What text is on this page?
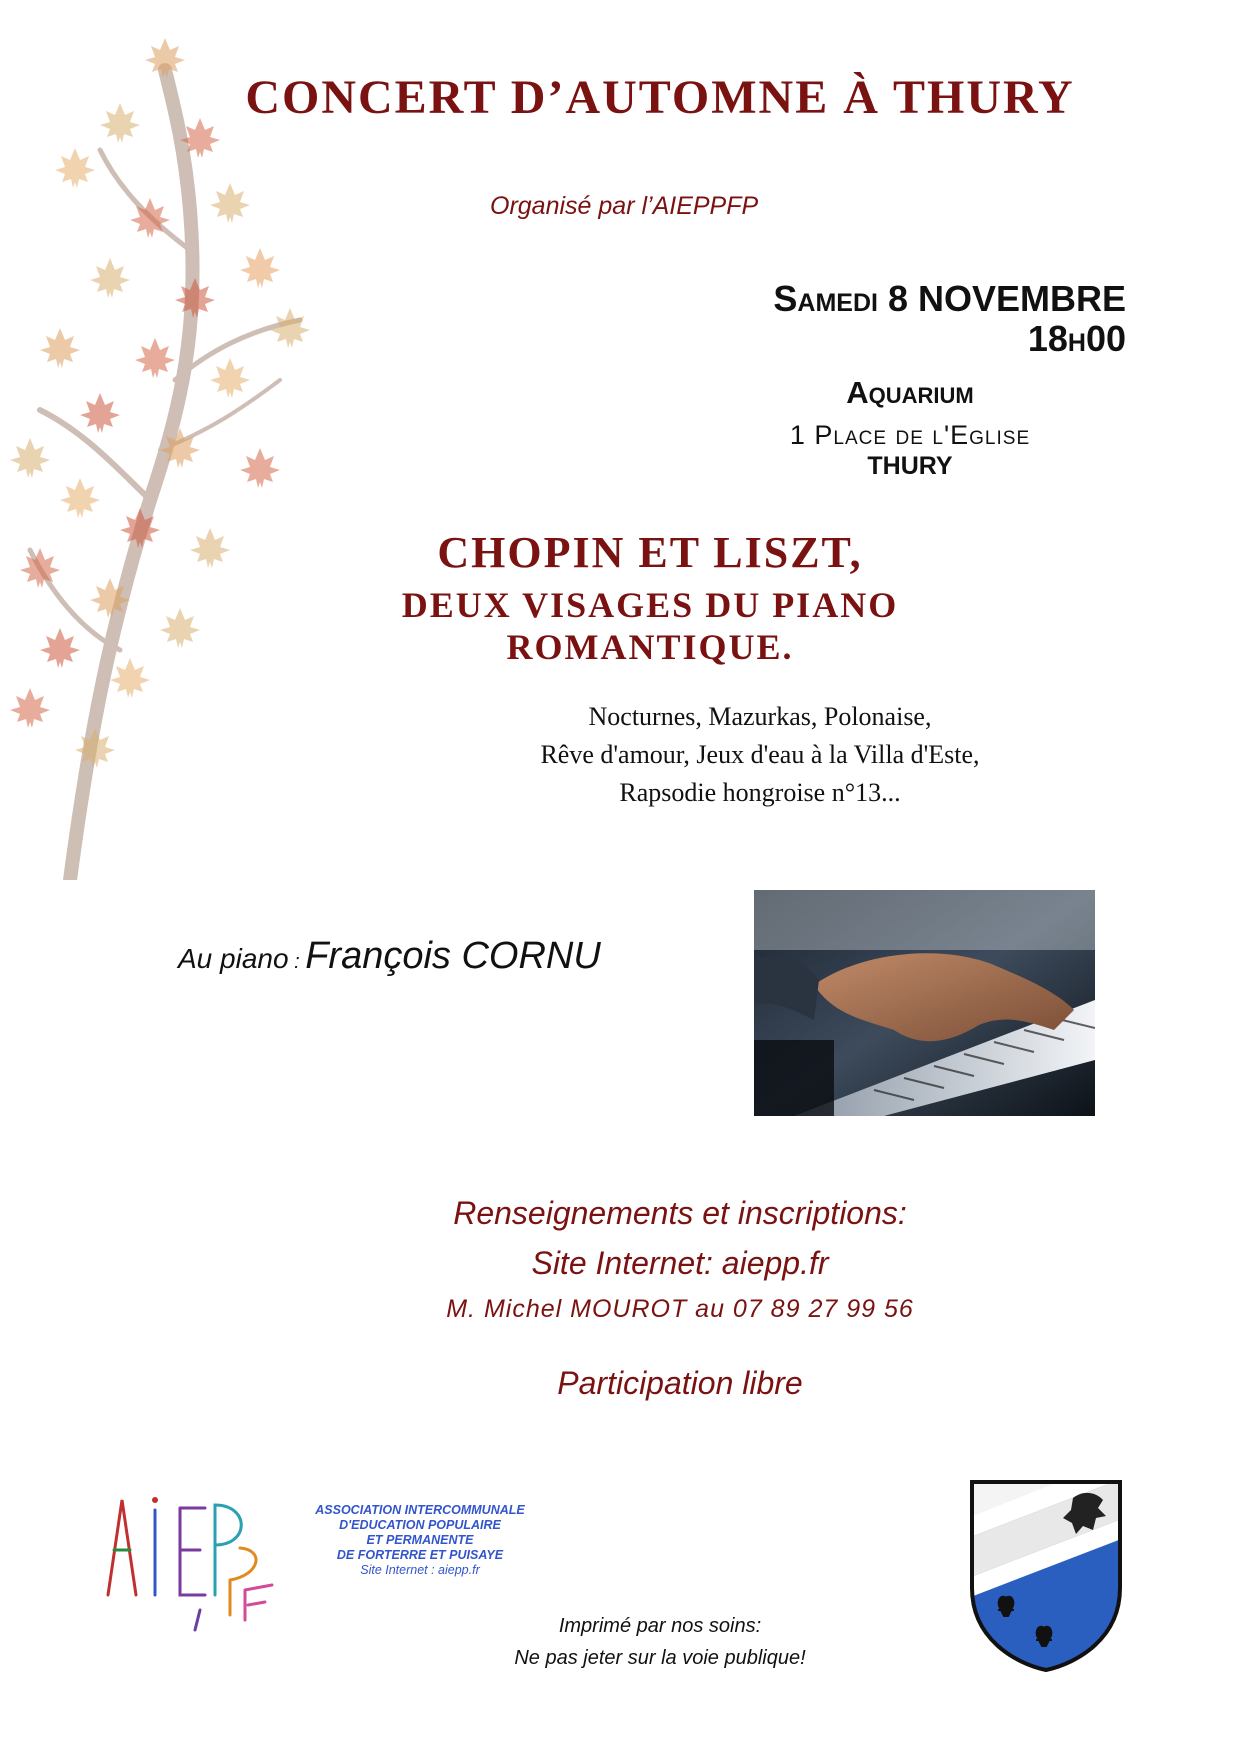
CONCERT D’AUTOMNE À THURY
Organisé par l’AIEPPFP
Samedi 8 NOVEMBRE
18h00
Aquarium
1 Place de l'Eglise
THURY
CHOPIN ET LISZT,
DEUX VISAGES DU PIANO
ROMANTIQUE.
Nocturnes, Mazurkas, Polonaise,
Rêve d'amour, Jeux d'eau à la Villa d'Este,
Rapsodie hongroise n°13...
Au piano : François CORNU
Renseignements et inscriptions:
Site Internet: aiepp.fr
M. Michel MOUROT au 07 89 27 99 56
Participation libre
ASSOCIATION INTERCOMMUNALE
D'EDUCATION POPULAIRE
ET PERMANENTE
DE FORTERRE ET PUISAYE
Site Internet : aiepp.fr
Imprimé par nos soins:
Ne pas jeter sur la voie publique!
